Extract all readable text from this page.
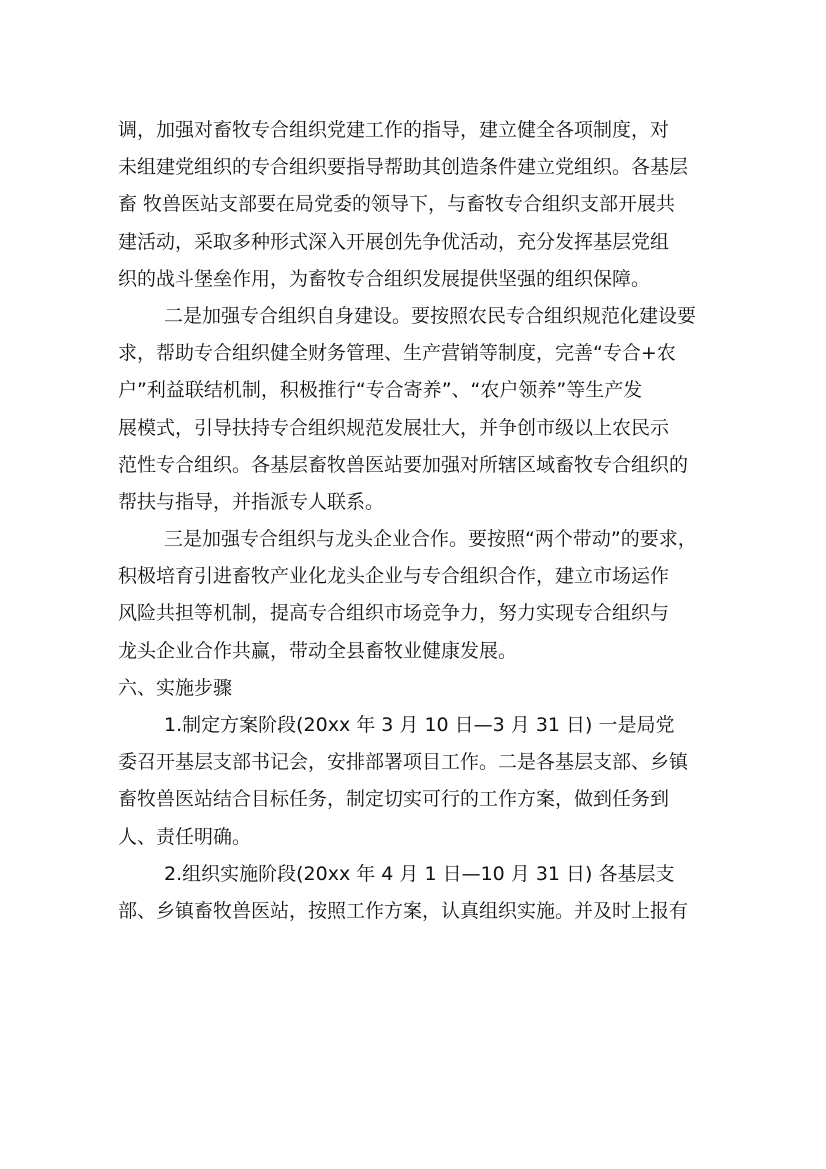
调，加强对畜牧专合组织党建工作的指导，建立健全各项制度，对
未组建党组织的专合组织要指导帮助其创造条件建立党组织。各基层
畜 牧兽医站支部要在局党委的领导下，与畜牧专合组织支部开展共
建活动，采取多种形式深入开展创先争优活动，充分发挥基层党组
织的战斗堡垒作用，为畜牧专合组织发展提供坚强的组织保障。
二是加强专合组织自身建设。要按照农民专合组织规范化建设要
求，帮助专合组织健全财务管理、生产营销等制度，完善“专合+农
户”利益联结机制，积极推行“专合寄养”、“农户领养”等生产发
展模式，引导扶持专合组织规范发展壮大，并争创市级以上农民示
范性专合组织。各基层畜牧兽医站要加强对所辖区域畜牧专合组织的
帮扶与指导，并指派专人联系。
三是加强专合组织与龙头企业合作。要按照“两个带动”的要求，
积极培育引进畜牧产业化龙头企业与专合组织合作，建立市场运作
风险共担等机制，提高专合组织市场竞争力，努力实现专合组织与
龙头企业合作共赢，带动全县畜牧业健康发展。
六、实施步骤
1.制定方案阶段(20xx 年 3 月 10 日—3 月 31 日) 一是局党
委召开基层支部书记会，安排部署项目工作。二是各基层支部、乡镇
畜牧兽医站结合目标任务，制定切实可行的工作方案，做到任务到
人、责任明确。
2.组织实施阶段(20xx 年 4 月 1 日—10 月 31 日) 各基层支
部、乡镇畜牧兽医站，按照工作方案，认真组织实施。并及时上报有
